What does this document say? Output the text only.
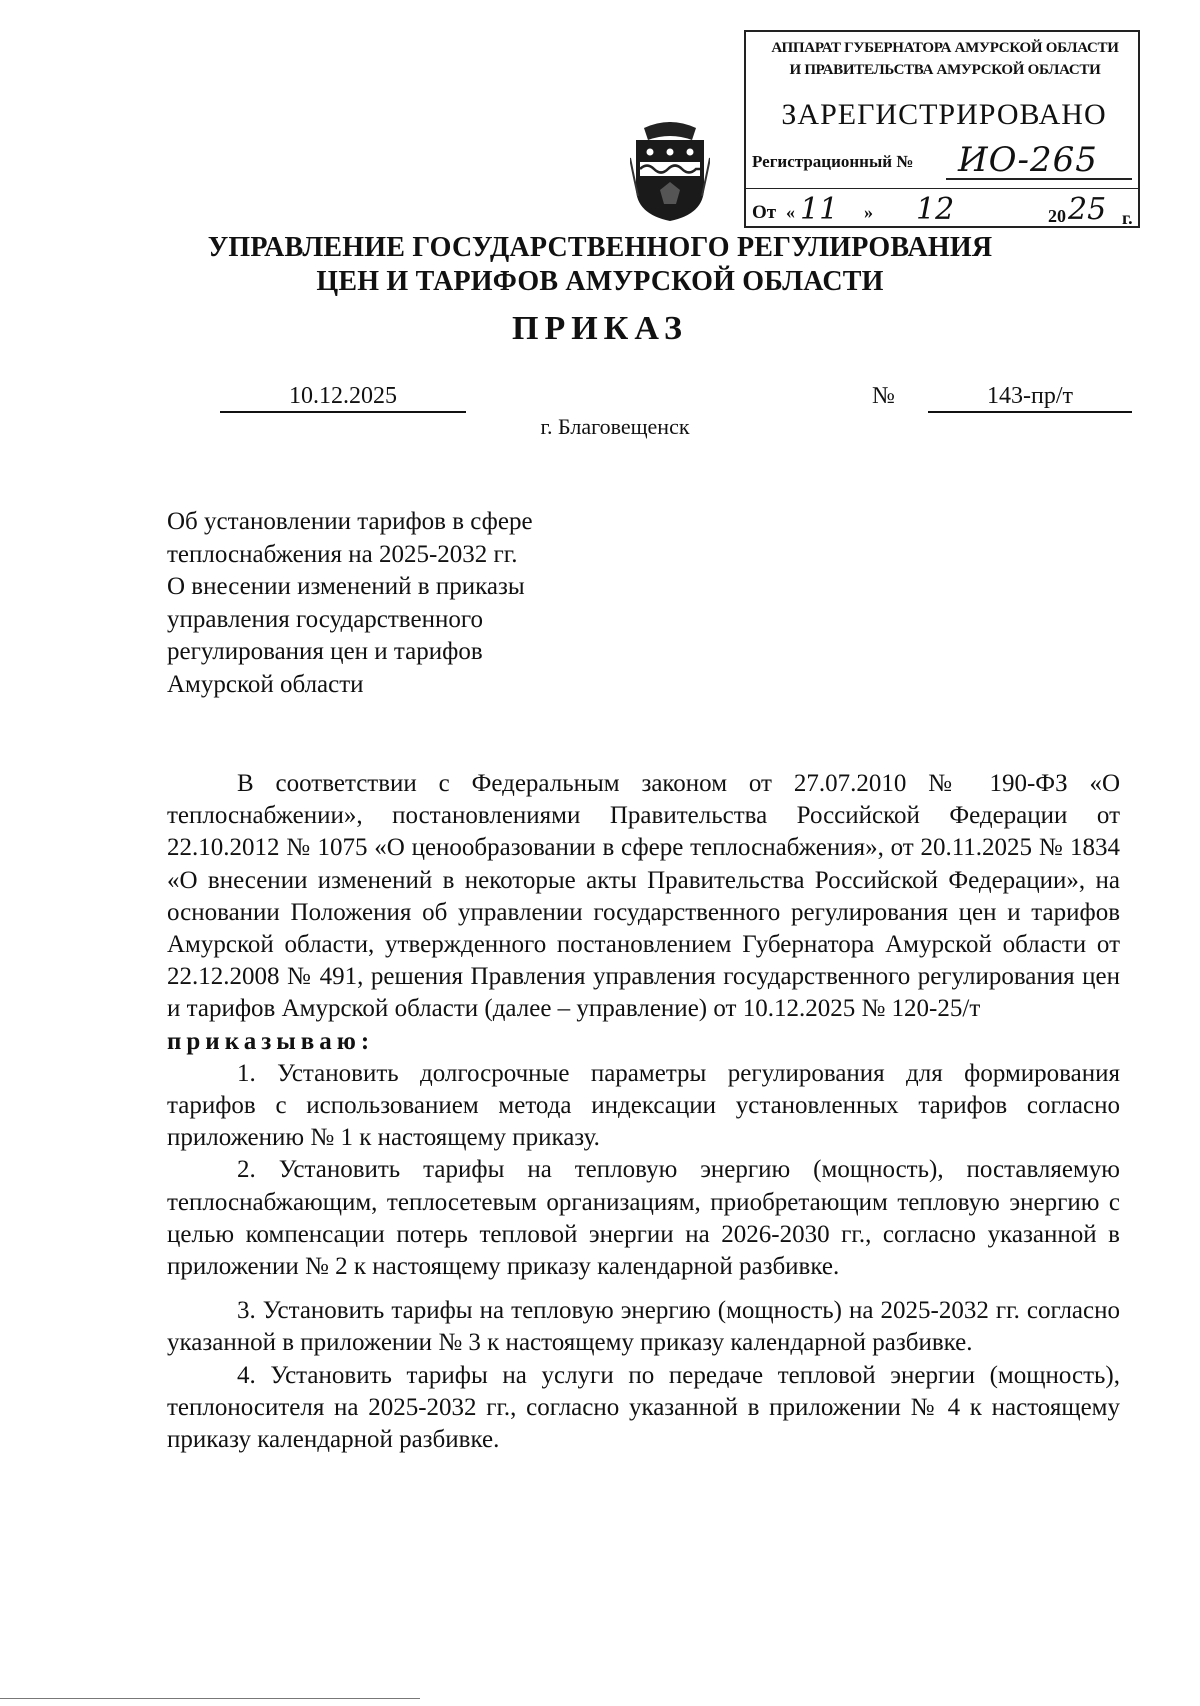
АППАРАТ ГУБЕРНАТОРА АМУРСКОЙ ОБЛАСТИ
И ПРАВИТЕЛЬСТВА АМУРСКОЙ ОБЛАСТИ
ЗАРЕГИСТРИРОВАНО
Регистрационный № ИО-265
От « 11 » 12	20 25 г.
УПРАВЛЕНИЕ ГОСУДАРСТВЕННОГО РЕГУЛИРОВАНИЯ
ЦЕН И ТАРИФОВ АМУРСКОЙ ОБЛАСТИ
ПРИКАЗ
10.12.2025	№	143-пр/т
г. Благовещенск
Об установлении тарифов в сфере
теплоснабжения на 2025-2032 гг.
О внесении изменений в приказы
управления государственного
регулирования цен и тарифов
Амурской области

В соответствии с Федеральным законом от 27.07.2010 № 190-ФЗ «О теплоснабжении», постановлениями Правительства Российской Федерации от 22.10.2012 № 1075 «О ценообразовании в сфере теплоснабжения», от 20.11.2025 № 1834 «О внесении изменений в некоторые акты Правительства Российской Федерации», на основании Положения об управлении государственного регулирования цен и тарифов Амурской области, утвержденного постановлением Губернатора Амурской области от 22.12.2008 № 491, решения Правления управления государственного регулирования цен и тарифов Амурской области (далее – управление) от 10.12.2025 № 120-25/т

приказываю:

1. Установить долгосрочные параметры регулирования для формирования тарифов с использованием метода индексации установленных тарифов согласно приложению № 1 к настоящему приказу.

2. Установить тарифы на тепловую энергию (мощность), поставляемую теплоснабжающим, теплосетевым организациям, приобретающим тепловую энергию с целью компенсации потерь тепловой энергии на 2026-2030 гг., согласно указанной в приложении № 2 к настоящему приказу календарной разбивке.

3. Установить тарифы на тепловую энергию (мощность) на 2025-2032 гг. согласно указанной в приложении № 3 к настоящему приказу календарной разбивке.

4. Установить тарифы на услуги по передаче тепловой энергии (мощность), теплоносителя на 2025-2032 гг., согласно указанной в приложении № 4 к настоящему приказу календарной разбивке.
